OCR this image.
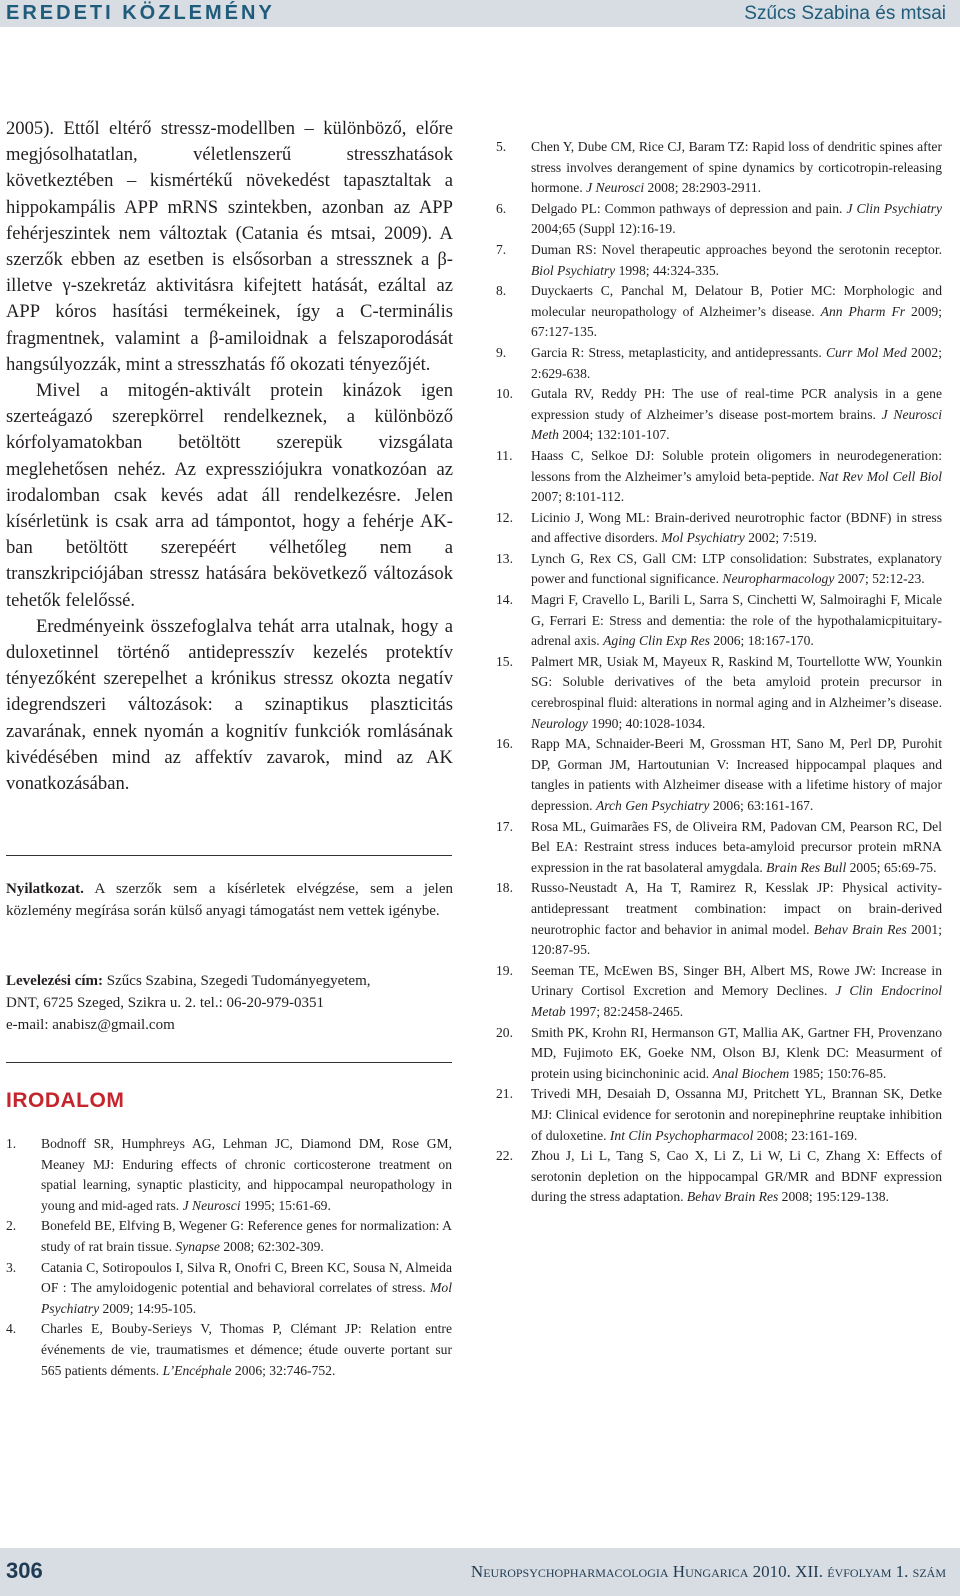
EREDETI KÖZLEMÉNY	Szűcs Szabina és mtsai

2005). Ettől eltérő stressz-modellben – különböző, előre megjósolhatatlan, véletlenszerű stresszhatások következtében – kismértékű növekedést tapasztaltak a hippokampális APP mRNS szintekben, azonban az APP fehérjeszintek nem változtak (Catania és mtsai, 2009). A szerzők ebben az esetben is elsősorban a stressznek a β- illetve γ-szekretáz aktivitásra kifejtett hatását, ezáltal az APP kóros hasítási termékeinek, így a C-terminális fragmentnek, valamint a β-amiloidnak a felszaporodását hangsúlyozzák, mint a stresszhatás fő okozati tényezőjét.

Mivel a mitogén-aktivált protein kinázok igen szerteágazó szerepkörrel rendelkeznek, a különböző kórfolyamatokban betöltött szerepük vizsgálata meglehetősen nehéz. Az expressziójukra vonatkozóan az irodalomban csak kevés adat áll rendelkezésre. Jelen kísérletünk is csak arra ad támpontot, hogy a fehérje AK-ban betöltött szerepéért vélhetőleg nem a transzkripciójában stressz hatására bekövetkező változások tehetők felelőssé.

Eredményeink összefoglalva tehát arra utalnak, hogy a duloxetinnel történő antidepresszív kezelés protektív tényezőként szerepelhet a krónikus stressz okozta negatív idegrendszeri változások: a szinaptikus plaszticitás zavarának, ennek nyomán a kognitív funkciók romlásának kivédésében mind az affektív zavarok, mind az AK vonatkozásában.

Nyilatkozat. A szerzők sem a kísérletek elvégzése, sem a jelen közlemény megírása során külső anyagi támogatást nem vettek igénybe.

Levelezési cím: Szűcs Szabina, Szegedi Tudományegyetem,

DNT, 6725 Szeged, Szikra u. 2. tel.: 06-20-979-0351

e-mail: anabisz@gmail.com

IRODALOM
1. Bodnoff SR, Humphreys AG, Lehman JC, Diamond DM, Rose GM, Meaney MJ: Enduring effects of chronic corticosterone treatment on spatial learning, synaptic plasticity, and hippocampal neuropathology in young and mid-aged rats. J Neurosci 1995; 15:61-69.
2. Bonefeld BE, Elfving B, Wegener G: Reference genes for normalization: A study of rat brain tissue. Synapse 2008; 62:302-309.
3. Catania C, Sotiropoulos I, Silva R, Onofri C, Breen KC, Sousa N, Almeida OF : The amyloidogenic potential and behavioral correlates of stress. Mol Psychiatry 2009; 14:95-105.
4. Charles E, Bouby-Serieys V, Thomas P, Clémant JP: Relation entre événements de vie, traumatismes et démence; étude ouverte portant sur 565 patients déments. L’Encéphale 2006; 32:746-752.
5. Chen Y, Dube CM, Rice CJ, Baram TZ: Rapid loss of dendritic spines after stress involves derangement of spine dynamics by corticotropin-releasing hormone. J Neurosci 2008; 28:2903-2911.
6. Delgado PL: Common pathways of depression and pain. J Clin Psychiatry 2004;65 (Suppl 12):16-19.
7. Duman RS: Novel therapeutic approaches beyond the serotonin receptor. Biol Psychiatry 1998; 44:324-335.
8. Duyckaerts C, Panchal M, Delatour B, Potier MC: Morphologic and molecular neuropathology of Alzheimer’s disease. Ann Pharm Fr 2009; 67:127-135.
9. Garcia R: Stress, metaplasticity, and antidepressants. Curr Mol Med 2002; 2:629-638.
10. Gutala RV, Reddy PH: The use of real-time PCR analysis in a gene expression study of Alzheimer’s disease post-mortem brains. J Neurosci Meth 2004; 132:101-107.
11. Haass C, Selkoe DJ: Soluble protein oligomers in neurodegeneration: lessons from the Alzheimer’s amyloid beta-peptide. Nat Rev Mol Cell Biol 2007; 8:101-112.
12. Licinio J, Wong ML: Brain-derived neurotrophic factor (BDNF) in stress and affective disorders. Mol Psychiatry 2002; 7:519.
13. Lynch G, Rex CS, Gall CM: LTP consolidation: Substrates, explanatory power and functional significance. Neuropharmacology 2007; 52:12-23.
14. Magri F, Cravello L, Barili L, Sarra S, Cinchetti W, Salmoiraghi F, Micale G, Ferrari E: Stress and dementia: the role of the hypothalamicpituitary-adrenal axis. Aging Clin Exp Res 2006; 18:167-170.
15. Palmert MR, Usiak M, Mayeux R, Raskind M, Tourtellotte WW, Younkin SG: Soluble derivatives of the beta amyloid protein precursor in cerebrospinal fluid: alterations in normal aging and in Alzheimer’s disease. Neurology 1990; 40:1028-1034.
16. Rapp MA, Schnaider-Beeri M, Grossman HT, Sano M, Perl DP, Purohit DP, Gorman JM, Hartoutunian V: Increased hippocampal plaques and tangles in patients with Alzheimer disease with a lifetime history of major depression. Arch Gen Psychiatry 2006; 63:161-167.
17. Rosa ML, Guimarães FS, de Oliveira RM, Padovan CM, Pearson RC, Del Bel EA: Restraint stress induces beta-amyloid precursor protein mRNA expression in the rat basolateral amygdala. Brain Res Bull 2005; 65:69-75.
18. Russo-Neustadt A, Ha T, Ramirez R, Kesslak JP: Physical activity-antidepressant treatment combination: impact on brain-derived neurotrophic factor and behavior in animal model. Behav Brain Res 2001; 120:87-95.
19. Seeman TE, McEwen BS, Singer BH, Albert MS, Rowe JW: Increase in Urinary Cortisol Excretion and Memory Declines. J Clin Endocrinol Metab 1997; 82:2458-2465.
20. Smith PK, Krohn RI, Hermanson GT, Mallia AK, Gartner FH, Provenzano MD, Fujimoto EK, Goeke NM, Olson BJ, Klenk DC: Measurment of protein using bicinchoninic acid. Anal Biochem 1985; 150:76-85.
21. Trivedi MH, Desaiah D, Ossanna MJ, Pritchett YL, Brannan SK, Detke MJ: Clinical evidence for serotonin and norepinephrine reuptake inhibition of duloxetine. Int Clin Psychopharmacol 2008; 23:161-169.
22. Zhou J, Li L, Tang S, Cao X, Li Z, Li W, Li C, Zhang X: Effects of serotonin depletion on the hippocampal GR/MR and BDNF expression during the stress adaptation. Behav Brain Res 2008; 195:129-138.
306	Neuropsychopharmacologia Hungarica 2010. XII. évfolyam 1. szám
